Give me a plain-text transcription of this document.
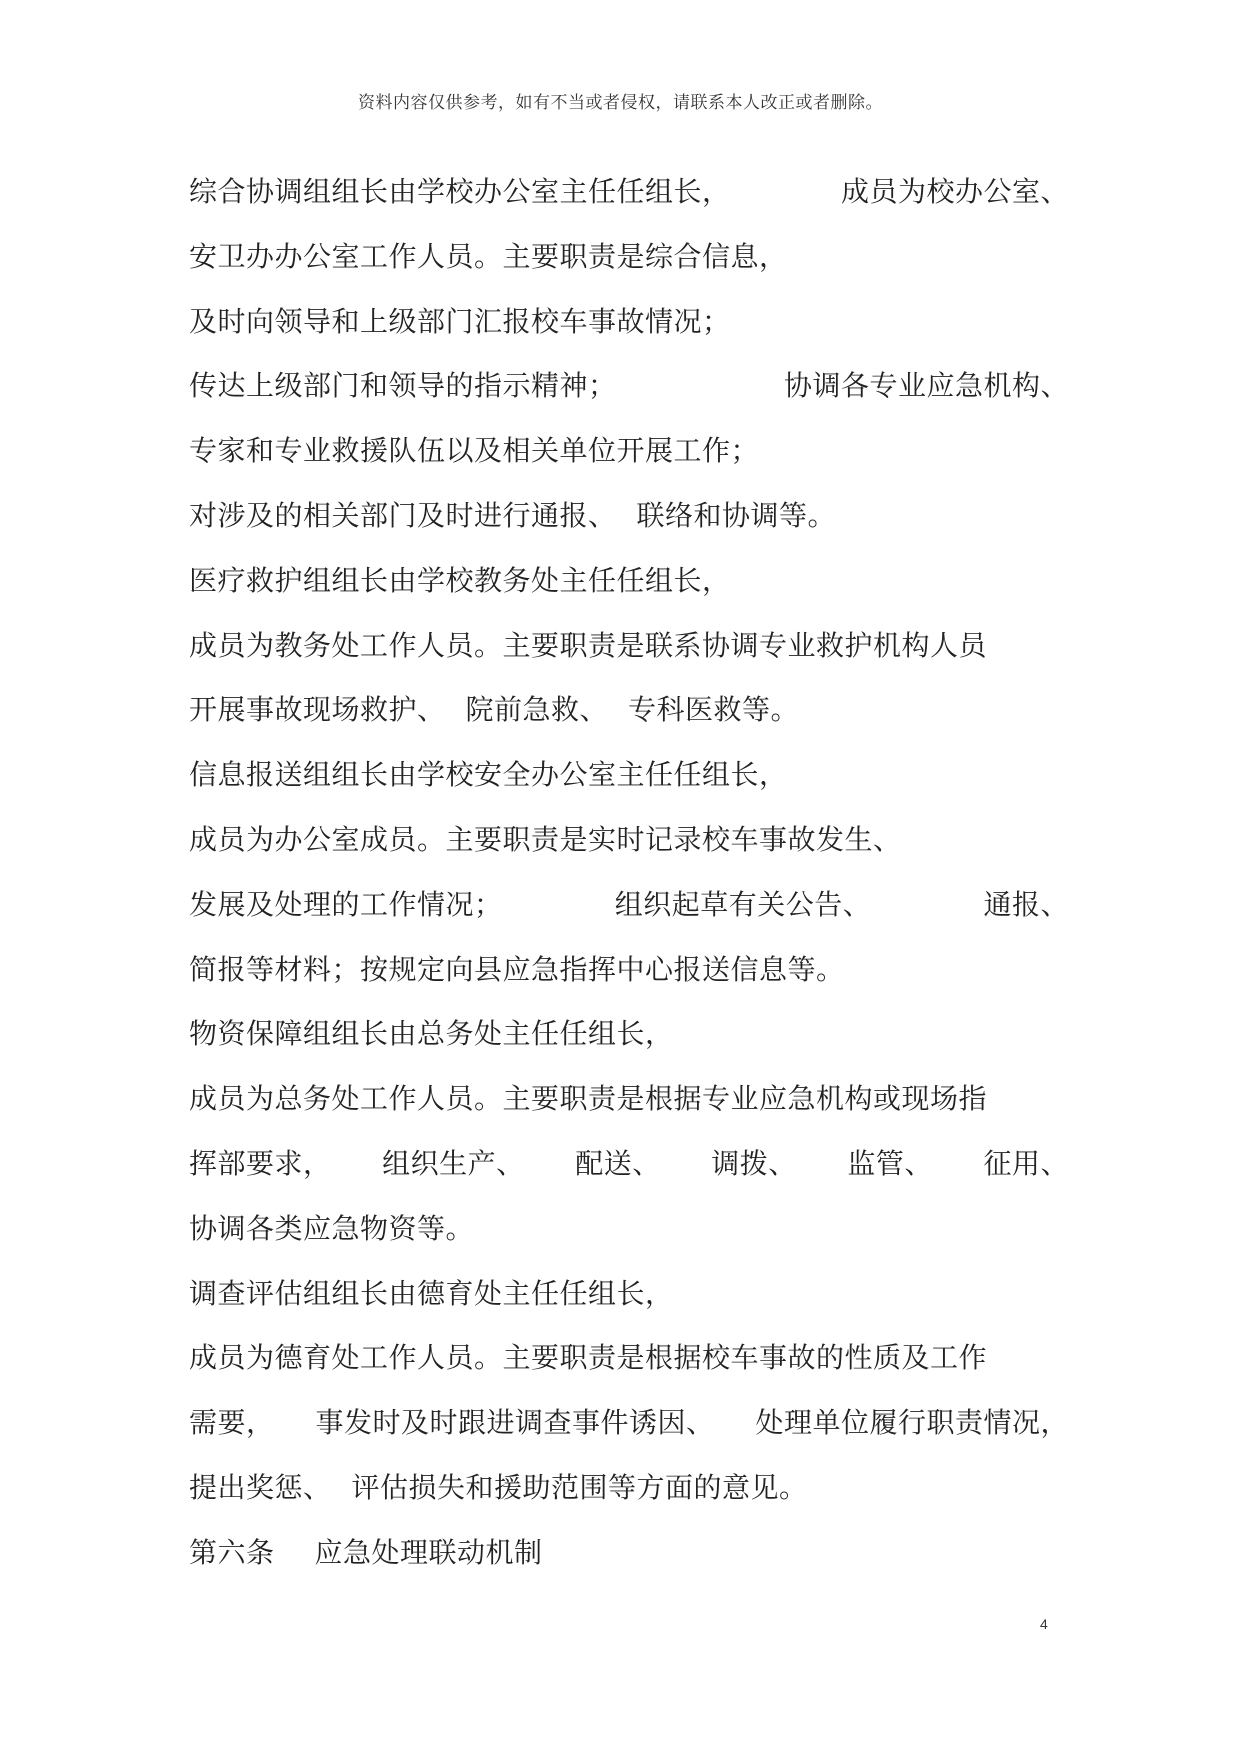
资料内容仅供参考，如有不当或者侵权，请联系本人改正或者删除。
综合协调组组长由学校办公室主任任组长，	成员为校办公室、
安卫办办公室工作人员。主要职责是综合信息，
及时向领导和上级部门汇报校车事故情况；
传达上级部门和领导的指示精神；	协调各专业应急机构、
专家和专业救援队伍以及相关单位开展工作；
对涉及的相关部门及时进行通报、 联络和协调等。
医疗救护组组长由学校教务处主任任组长，
成员为教务处工作人员。主要职责是联系协调专业救护机构人员
开展事故现场救护、 院前急救、 专科医救等。
信息报送组组长由学校安全办公室主任任组长，
成员为办公室成员。主要职责是实时记录校车事故发生、
发展及处理的工作情况；	组织起草有关公告、	通报、
简报等材料；按规定向县应急指挥中心报送信息等。
物资保障组组长由总务处主任任组长，
成员为总务处工作人员。主要职责是根据专业应急机构或现场指
挥部要求， 组织生产、 配送、 调拨、 监管、 征用、
协调各类应急物资等。
调查评估组组长由德育处主任任组长，
成员为德育处工作人员。主要职责是根据校车事故的性质及工作
需要， 事发时及时跟进调查事件诱因、 处理单位履行职责情况，
提出奖惩、 评估损失和援助范围等方面的意见。
第六条 应急处理联动机制
4
